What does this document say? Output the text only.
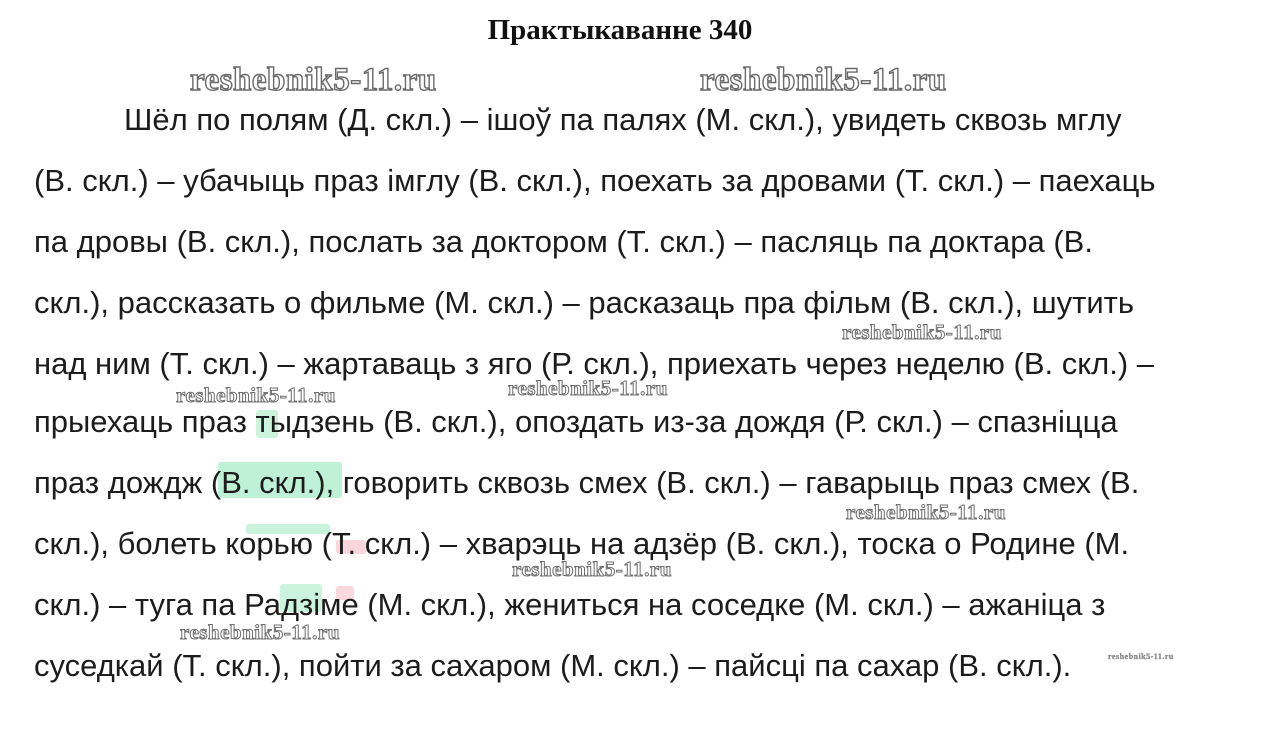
Практыкаванне 340
Шёл по полям (Д. скл.) – ішоў па палях (М. скл.), увидеть сквозь мглу
(В. скл.) – убачыць праз імглу (В. скл.), поехать за дровами (Т. скл.) – паехаць
па дровы (В. скл.), послать за доктором (Т. скл.) – пасляць па доктара (В.
скл.), рассказать о фильме (М. скл.) – расказаць пра фільм (В. скл.), шутить
над ним (Т. скл.) – жартаваць з яго (Р. скл.), приехать через неделю (В. скл.) –
прыехаць праз тыдзень (В. скл.), опоздать из-за дождя (Р. скл.) – спазніцца
праз дождж (В. скл.), говорить сквозь смех (В. скл.) – гаварыць праз смех (В.
скл.), болеть корью (Т. скл.) – хварэць на адзёр (В. скл.), тоска о Родине (М.
скл.) – туга па Радзіме (М. скл.), жениться на соседке (М. скл.) – ажаніца з
суседкай (Т. скл.), пойти за сахаром (М. скл.) – пайсці па сахар (В. скл.).
reshebnik5-11.ru	reshebnik5-11.ru
reshebnik5-11.ru
reshebnik5-11.ru	reshebnik5-11.ru
reshebnik5-11.ru
reshebnik5-11.ru
reshebnik5-11.ru
reshebnik5-11.ru
